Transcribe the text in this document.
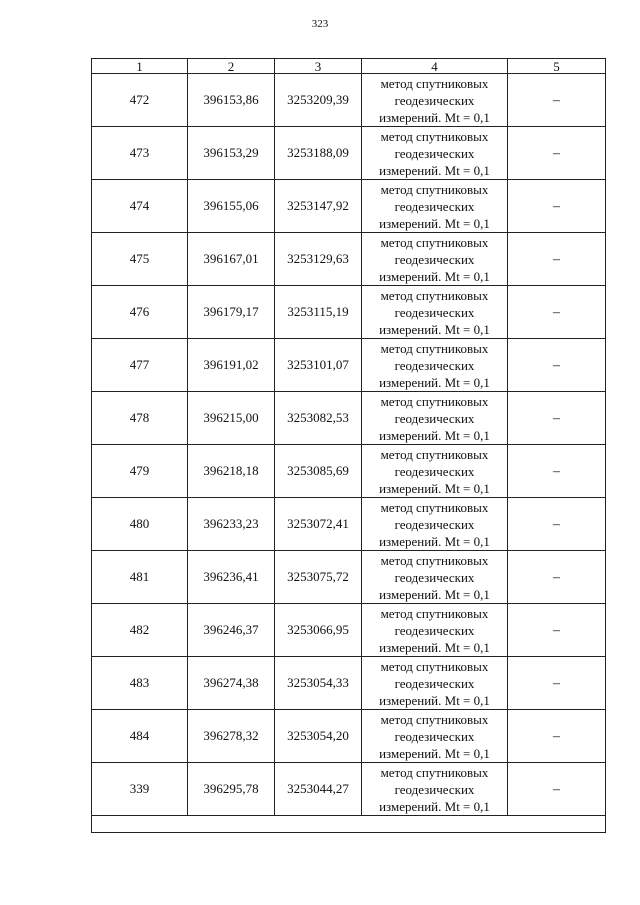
323
1	2	3	4	5
472	396153,86	3253209,39	метод спутниковых
геодезических
измерений. Mt = 0,1	–
473	396153,29	3253188,09	метод спутниковых
геодезических
измерений. Mt = 0,1	–
474	396155,06	3253147,92	метод спутниковых
геодезических
измерений. Mt = 0,1	–
475	396167,01	3253129,63	метод спутниковых
геодезических
измерений. Mt = 0,1	–
476	396179,17	3253115,19	метод спутниковых
геодезических
измерений. Mt = 0,1	–
477	396191,02	3253101,07	метод спутниковых
геодезических
измерений. Mt = 0,1	–
478	396215,00	3253082,53	метод спутниковых
геодезических
измерений. Mt = 0,1	–
479	396218,18	3253085,69	метод спутниковых
геодезических
измерений. Mt = 0,1	–
480	396233,23	3253072,41	метод спутниковых
геодезических
измерений. Mt = 0,1	–
481	396236,41	3253075,72	метод спутниковых
геодезических
измерений. Mt = 0,1	–
482	396246,37	3253066,95	метод спутниковых
геодезических
измерений. Mt = 0,1	–
483	396274,38	3253054,33	метод спутниковых
геодезических
измерений. Mt = 0,1	–
484	396278,32	3253054,20	метод спутниковых
геодезических
измерений. Mt = 0,1	–
339	396295,78	3253044,27	метод спутниковых
геодезических
измерений. Mt = 0,1	–
